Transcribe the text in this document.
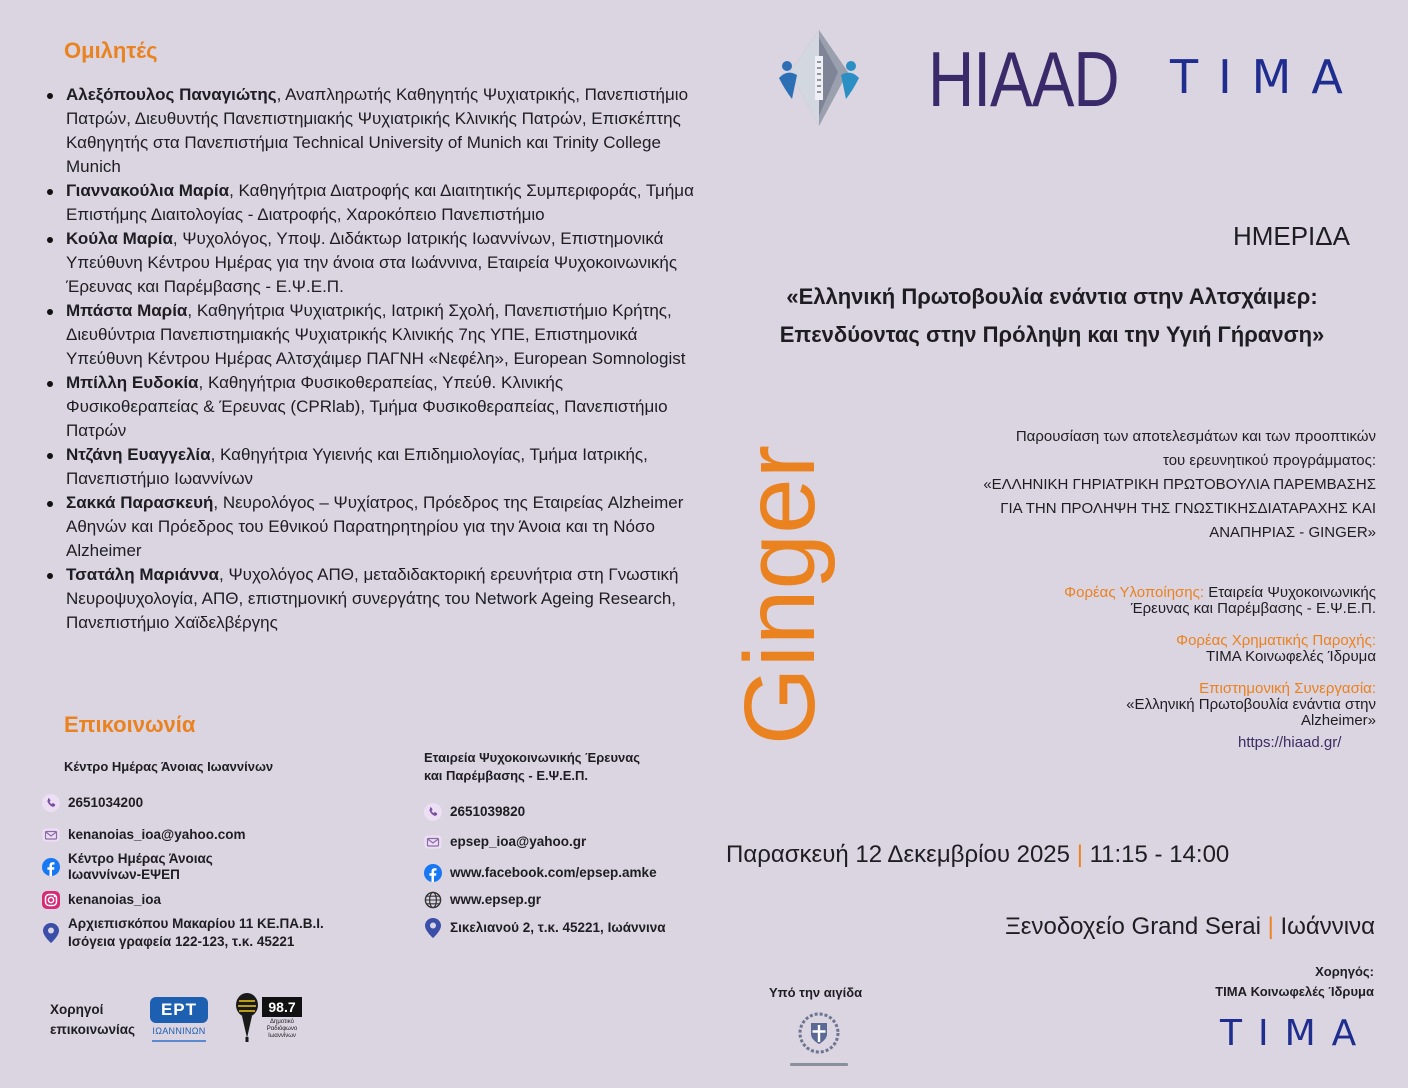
Ομιλητές
Αλεξόπουλος Παναγιώτης, Αναπληρωτής Καθηγητής Ψυχιατρικής, Πανεπιστήμιο Πατρών, Διευθυντής Πανεπιστημιακής Ψυχιατρικής Κλινικής Πατρών, Επισκέπτης Καθηγητής στα Πανεπιστήμια Technical University of Munich και Trinity College Munich
Γιαννακούλια Μαρία, Καθηγήτρια Διατροφής και Διαιτητικής Συμπεριφοράς, Τμήμα Επιστήμης Διαιτολογίας - Διατροφής, Χαροκόπειο Πανεπιστήμιο
Κούλα Μαρία, Ψυχολόγος, Υποψ. Διδάκτωρ Ιατρικής Ιωαννίνων, Επιστημονικά Υπεύθυνη Κέντρου Ημέρας για την άνοια στα Ιωάννινα, Εταιρεία Ψυχοκοινωνικής Έρευνας και Παρέμβασης - Ε.Ψ.Ε.Π.
Μπάστα Μαρία, Καθηγήτρια Ψυχιατρικής, Ιατρική Σχολή, Πανεπιστήμιο Κρήτης, Διευθύντρια Πανεπιστημιακής Ψυχιατρικής Κλινικής 7ης ΥΠΕ, Επιστημονικά Υπεύθυνη Κέντρου Ημέρας Αλτσχάιμερ ΠΑΓΝΗ «Νεφέλη», European Somnologist
Μπίλλη Ευδοκία, Καθηγήτρια Φυσικοθεραπείας, Υπεύθ. Κλινικής Φυσικοθεραπείας & Έρευνας (CPRlab), Τμήμα Φυσικοθεραπείας, Πανεπιστήμιο Πατρών
Ντζάνη Ευαγγελία, Καθηγήτρια Υγιεινής και Επιδημιολογίας, Τμήμα Ιατρικής, Πανεπιστήμιο Ιωαννίνων
Σακκά Παρασκευή, Νευρολόγος – Ψυχίατρος, Πρόεδρος της Εταιρείας Alzheimer Αθηνών και Πρόεδρος του Εθνικού Παρατηρητηρίου για την Άνοια και τη Νόσο Alzheimer
Τσατάλη Μαριάννα, Ψυχολόγος ΑΠΘ, μεταδιδακτορική ερευνήτρια στη Γνωστική Νευροψυχολογία, ΑΠΘ, επιστημονική συνεργάτης του Network Ageing Research, Πανεπιστήμιο Χαϊδελβέργης
Επικοινωνία
Κέντρο Ημέρας Άνοιας Ιωαννίνων
2651034200
kenanoias_ioa@yahoo.com
Κέντρο Ημέρας Άνοιας
Ιωαννίνων-ΕΨΕΠ
kenanoias_ioa
Αρχιεπισκόπου Μακαρίου 11 ΚΕ.ΠΑ.Β.Ι.
Ισόγεια γραφεία 122-123, τ.κ. 45221
Εταιρεία Ψυχοκοινωνικής Έρευνας
και Παρέμβασης - Ε.Ψ.Ε.Π.
2651039820
epsep_ioa@yahoo.gr
www.facebook.com/epsep.amke
www.epsep.gr
Σικελιανού 2, τ.κ. 45221, Ιωάννινα
Χορηγοί
επικοινωνίας
ΕΡΤ
ΙΩΑΝΝΙΝΩΝ
98.7
Δημοτικό
Ραδιόφωνο
Ιωαννίνων
HIAAD ΤΙΜΑ
ΗΜΕΡΙΔΑ
«Ελληνική Πρωτοβουλία ενάντια στην Αλτσχάιμερ:
Επενδύοντας στην Πρόληψη και την Υγιή Γήρανση»
Ginger
Παρουσίαση των αποτελεσμάτων και των προοπτικών
του ερευνητικού προγράμματος:
«ΕΛΛΗΝΙΚΗ ΓΗΡΙΑΤΡΙΚΗ ΠΡΩΤΟΒΟΥΛΙΑ ΠΑΡΕΜΒΑΣΗΣ
ΓΙΑ ΤΗΝ ΠΡΟΛΗΨΗ ΤΗΣ ΓΝΩΣΤΙΚΗΣΔΙΑΤΑΡΑΧΗΣ ΚΑΙ
ΑΝΑΠΗΡΙΑΣ - GINGER»
Φορέας Υλοποίησης: Εταιρεία Ψυχοκοινωνικής
Έρευνας και Παρέμβασης - Ε.Ψ.Ε.Π.
Φορέας Χρηματικής Παροχής:
ΤΙΜΑ Κοινωφελές Ίδρυμα
Επιστημονική Συνεργασία:
«Ελληνική Πρωτοβουλία ενάντια στην
Alzheimer»
https://hiaad.gr/
Παρασκευή 12 Δεκεμβρίου 2025 | 11:15 - 14:00
Ξενοδοχείο Grand Serai | Ιωάννινα
Χορηγός:
ΤΙΜΑ Κοινωφελές Ίδρυμα
ΤΙΜΑ
Υπό την αιγίδα
